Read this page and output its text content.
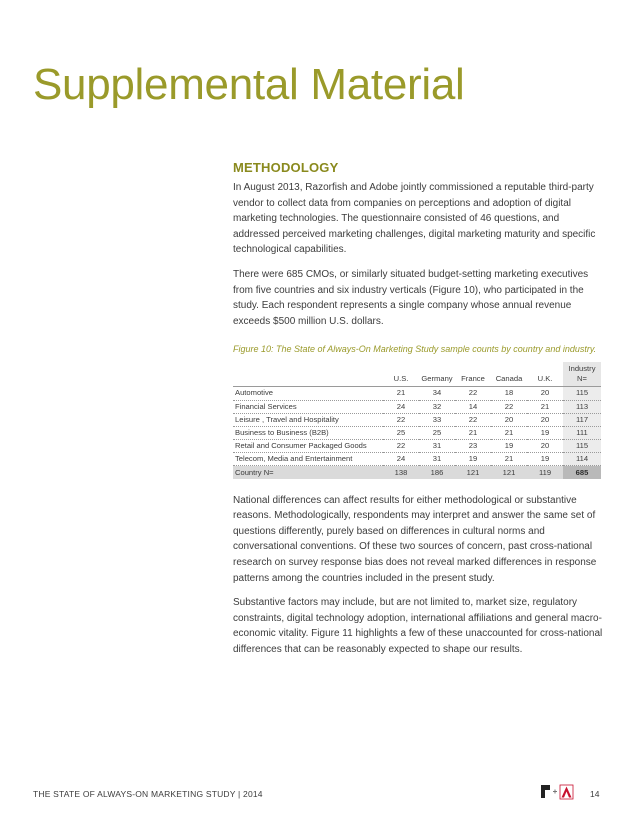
Supplemental Material
METHODOLOGY

In August 2013, Razorfish and Adobe jointly commissioned a reputable third-party vendor to collect data from companies on perceptions and adoption of digital marketing technologies. The questionnaire consisted of 46 questions, and addressed perceived marketing challenges, digital marketing maturity and specific technological capabilities.

There were 685 CMOs, or similarly situated budget-setting marketing executives from five countries and six industry verticals (Figure 10), who participated in the study. Each respondent represents a single company whose annual revenue exceeds $500 million U.S. dollars.

Figure 10: The State of Always-On Marketing Study sample counts by country and industry.

	U.S.	Germany	France	Canada	U.K.	Industry N=
Automotive	21	34	22	18	20	115
Financial Services	24	32	14	22	21	113
Leisure , Travel and Hospitality	22	33	22	20	20	117
Business to Business (B2B)	25	25	21	21	19	111
Retail and Consumer Packaged Goods	22	31	23	19	20	115
Telecom, Media and Entertainment	24	31	19	21	19	114
Country N=	138	186	121	121	119	685

National differences can affect results for either methodological or substantive reasons. Methodologically, respondents may interpret and answer the same set of questions differently, purely based on differences in cultural norms and conversational conventions. Of these two sources of concern, past cross-national research on survey response bias does not reveal marked differences in response patterns among the countries included in the present study.

Substantive factors may include, but are not limited to, market size, regulatory constraints, digital technology adoption, international affiliations and general macro-economic vitality. Figure 11 highlights a few of these unaccounted for cross-national differences that can be reasonably expected to shape our results.

THE STATE OF ALWAYS-ON MARKETING STUDY | 2014	14
